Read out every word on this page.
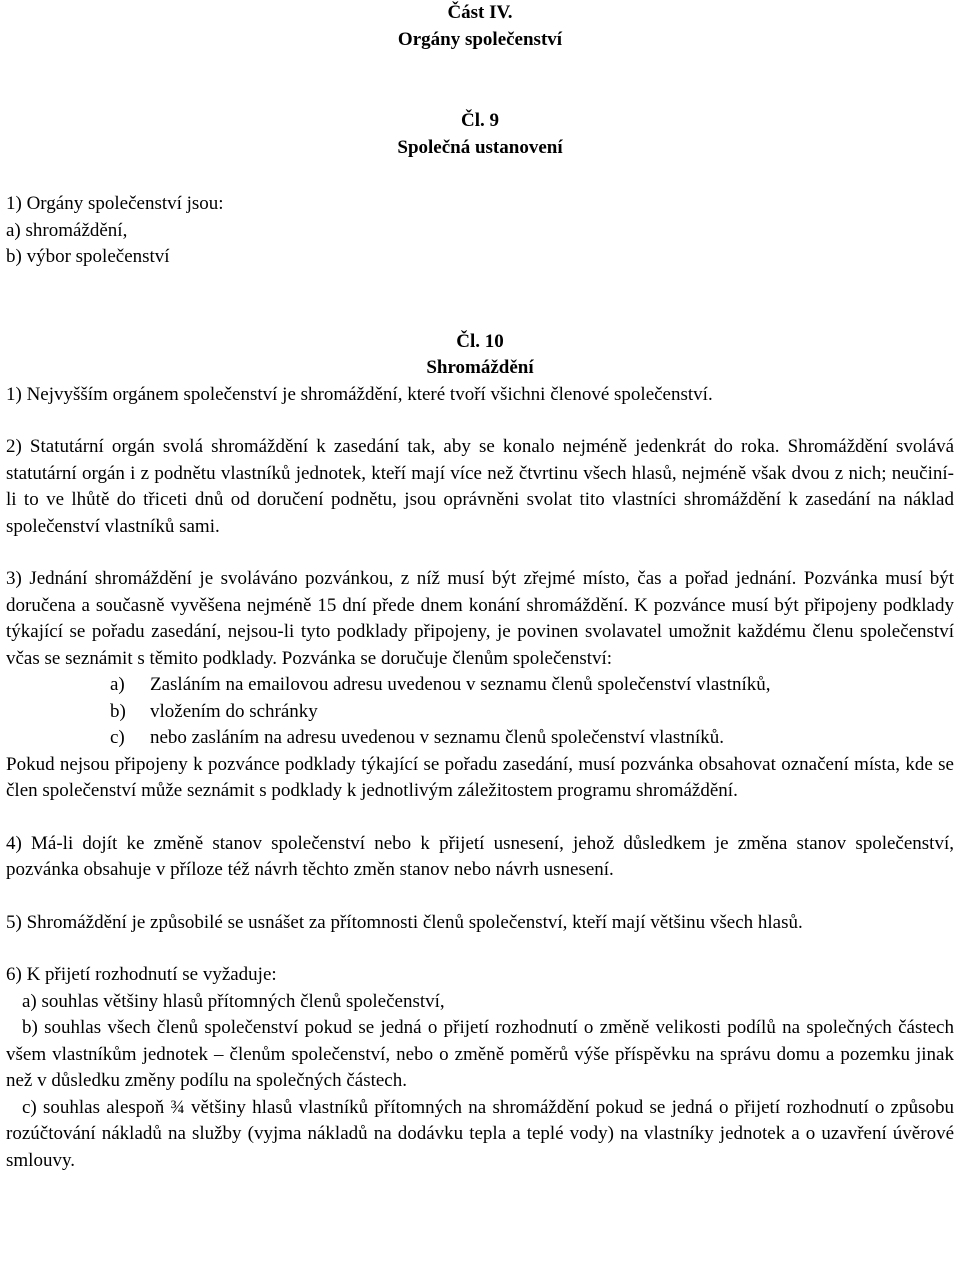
Část IV.
Orgány společenství
Čl. 9
Společná ustanovení

1) Orgány společenství jsou:

a) shromáždění,

b) výbor společenství

Čl. 10
Shromáždění

1) Nejvyšším orgánem společenství je shromáždění, které tvoří všichni členové společenství.

2) Statutární orgán svolá shromáždění k zasedání tak, aby se konalo nejméně jedenkrát do roka. Shromáždění svolává statutární orgán i z podnětu vlastníků jednotek, kteří mají více než čtvrtinu všech hlasů, nejméně však dvou z nich; neučiní-li to ve lhůtě do třiceti dnů od doručení podnětu, jsou oprávněni svolat tito vlastníci shromáždění k zasedání na náklad společenství vlastníků sami.

3) Jednání shromáždění je svoláváno pozvánkou, z níž musí být zřejmé místo, čas a pořad jednání. Pozvánka musí být doručena a současně vyvěšena nejméně 15 dní přede dnem konání shromáždění. K pozvánce musí být připojeny podklady týkající se pořadu zasedání, nejsou-li tyto podklady připojeny, je povinen svolavatel umožnit každému členu společenství včas se seznámit s těmito podklady. Pozvánka se doručuje členům společenství:

a)	Zasláním na emailovou adresu uvedenou v seznamu členů společenství vlastníků,
b)	vložením do schránky
c)	nebo zasláním na adresu uvedenou v seznamu členů společenství vlastníků.

Pokud nejsou připojeny k pozvánce podklady týkající se pořadu zasedání, musí pozvánka obsahovat označení místa, kde se člen společenství může seznámit s podklady k jednotlivým záležitostem programu shromáždění.

4) Má-li dojít ke změně stanov společenství nebo k přijetí usnesení, jehož důsledkem je změna stanov společenství, pozvánka obsahuje v příloze též návrh těchto změn stanov nebo návrh usnesení.

5) Shromáždění je způsobilé se usnášet za přítomnosti členů společenství, kteří mají většinu všech hlasů.

6) K přijetí rozhodnutí se vyžaduje:

a) souhlas většiny hlasů přítomných členů společenství,

b) souhlas všech členů společenství pokud se jedná o přijetí rozhodnutí o změně velikosti podílů na společných částech všem vlastníkům jednotek – členům společenství, nebo o změně poměrů výše příspěvku na správu domu a pozemku jinak než v důsledku změny podílu na společných částech.

c) souhlas alespoň ¾ většiny hlasů vlastníků přítomných na shromáždění pokud se jedná o přijetí rozhodnutí o způsobu rozúčtování nákladů na služby (vyjma nákladů na dodávku tepla a teplé vody) na vlastníky jednotek a o uzavření úvěrové smlouvy.
